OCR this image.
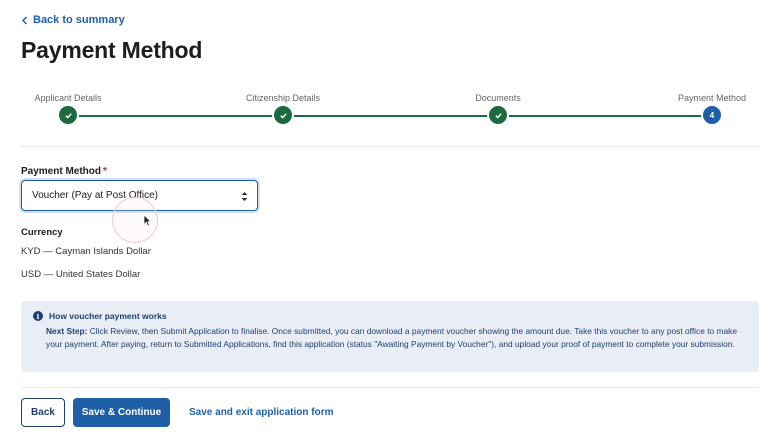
Back to summary
Payment Method
Applicant Details	Citizenship Details	Documents	Payment Method
4
Payment Method *
Voucher (Pay at Post Office)
Currency
KYD — Cayman Islands Dollar
USD — United States Dollar
i	How voucher payment works
Next Step: Click Review, then Submit Application to finalise. Once submitted, you can download a payment voucher showing the amount due. Take this voucher to any post office to make your payment. After paying, return to Submitted Applications, find this application (status "Awaiting Payment by Voucher"), and upload your proof of payment to complete your submission.
Back	Save & Continue	Save and exit application form
